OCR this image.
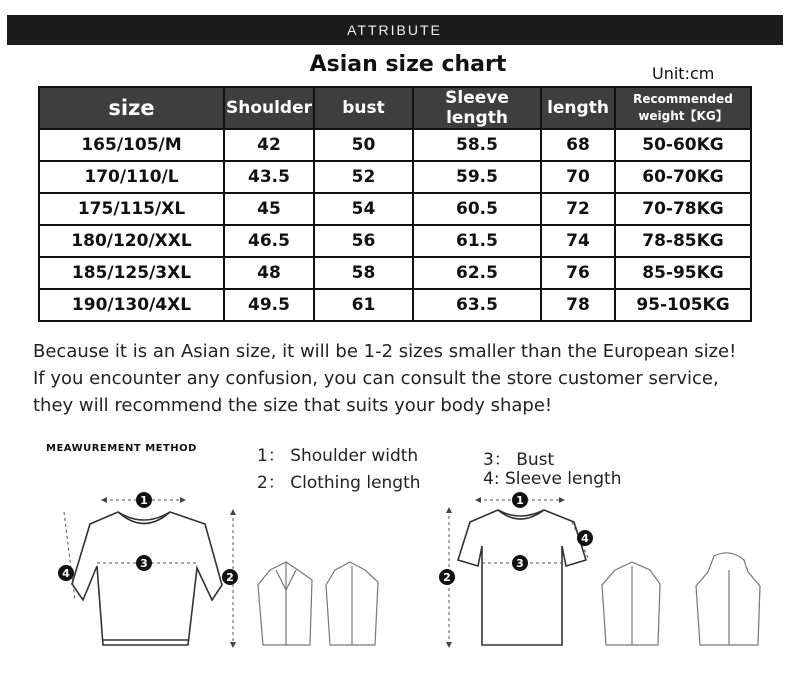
ATTRIBUTE
Asian size chart	Unit:cm
size	Shoulder	bust	Sleeve length	length	Recommended weight【KG】
165/105/M	42	50	58.5	68	50-60KG
170/110/L	43.5	52	59.5	70	60-70KG
175/115/XL	45	54	60.5	72	70-78KG
180/120/XXL	46.5	56	61.5	74	78-85KG
185/125/3XL	48	58	62.5	76	85-95KG
190/130/4XL	49.5	61	63.5	78	95-105KG
Because it is an Asian size, it will be 1-2 sizes smaller than the European size!
If you encounter any confusion, you can consult the store customer service,
they will recommend the size that suits your body shape!
MEAWUREMENT METHOD	1： Shoulder width
2： Clothing length
3： Bust
4: Sleeve length
1
3
2
4
1
3
2
4
